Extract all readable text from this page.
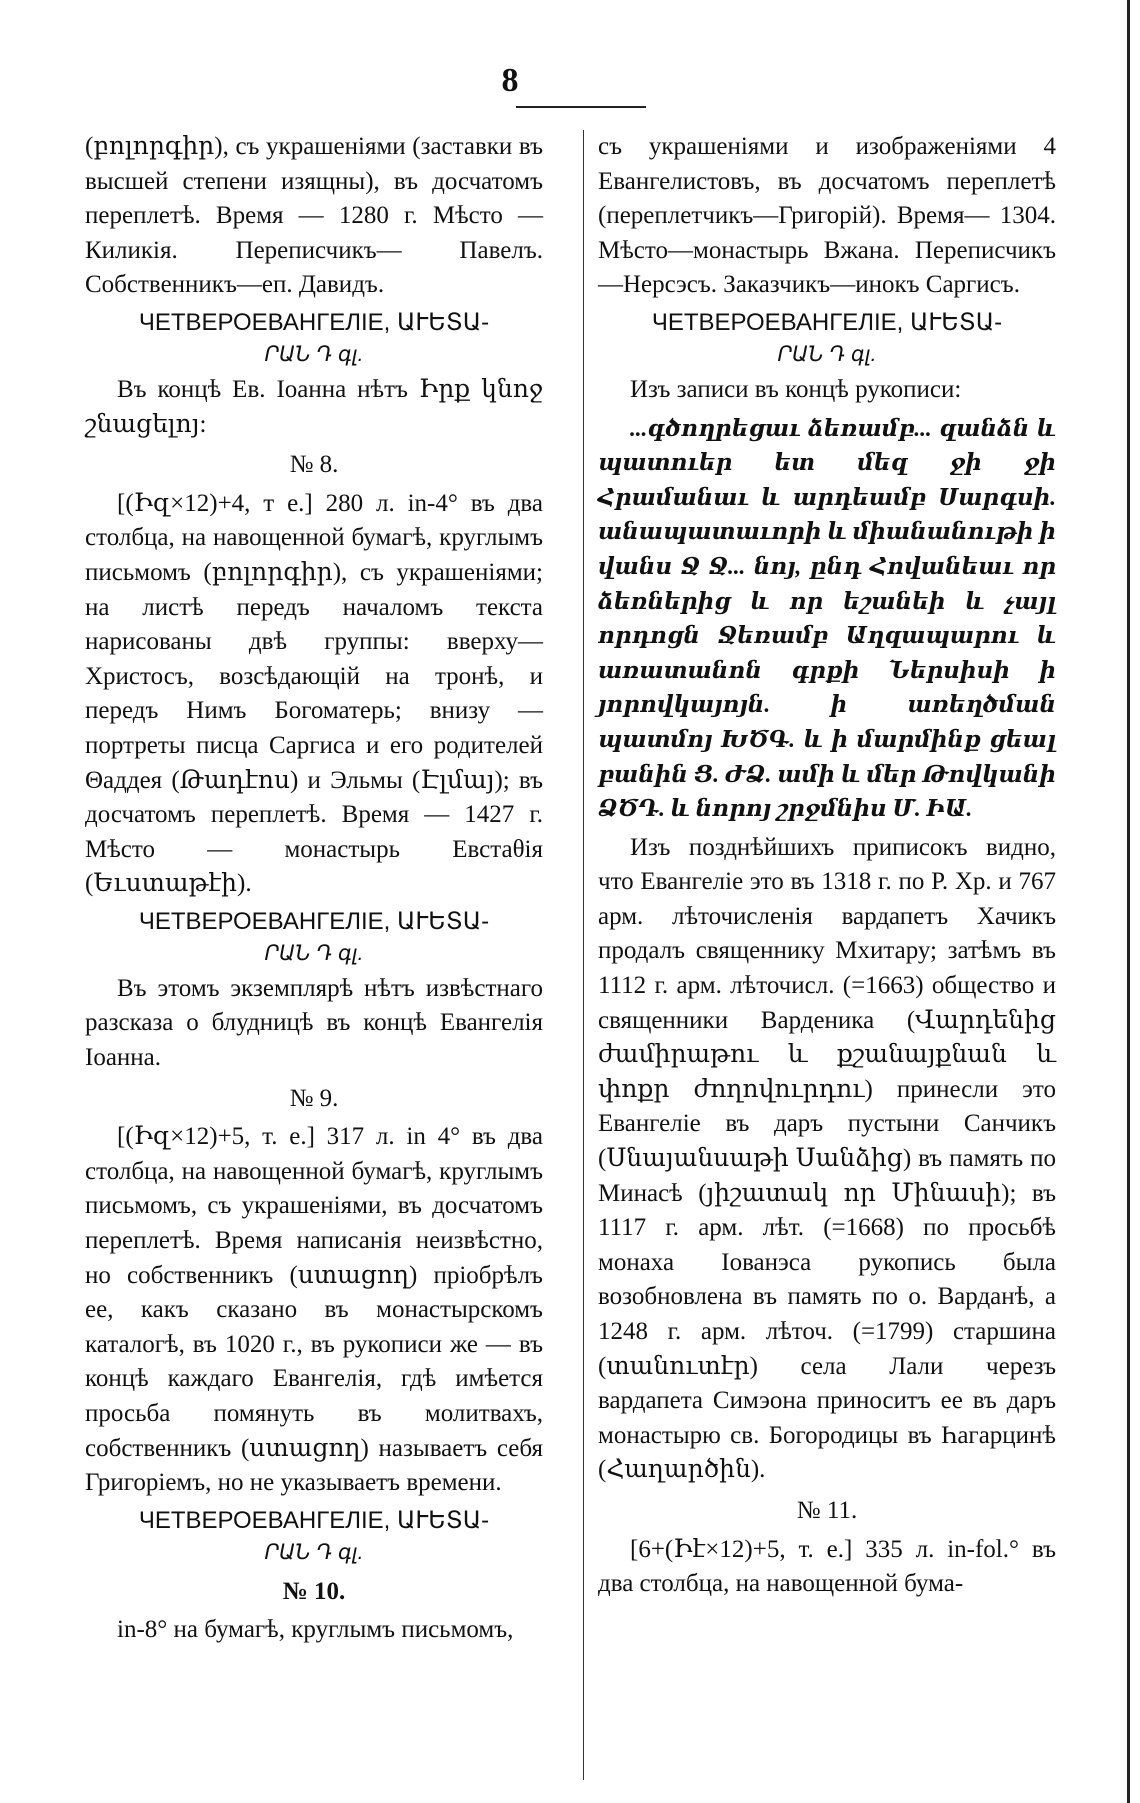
8

(բոլորգիր), съ украшеніями (заставки въ высшей степени изящны), въ досчатомъ переплетѣ. Время — 1280 г. Мѣсто — Киликія. Переписчикъ— Павелъ. Собственникъ—еп. Давидъ.

ЧЕТВЕРОЕВАНГЕЛІЕ, ԱՒԵՏԱ-
ՐԱՆ Դ գլ.

Въ концѣ Ев. Іоанна нѣтъ Իրք կնոջ շնացելոյ:

№ 8.

[(Իզ×12)+4, т е.] 280 л. in-4° въ два столбца, на навощенной бумагѣ, круглымъ письмомъ (բոլորգիր), съ украшеніями; на листѣ передъ началомъ текста нарисованы двѣ группы: вверху—Христосъ, возсѣдающій на тронѣ, и передъ Нимъ Богоматерь; внизу — портреты писца Саргиса и его родителей Θаддея (Թադէոս) и Эльмы (Էլմայ); въ досчатомъ переплетѣ. Время — 1427 г. Мѣсто — монастырь Евстаθія (Եւստաթէի).

ЧЕТВЕРОЕВАНГЕЛІЕ, ԱՒԵՏԱ-
ՐԱՆ Դ գլ.

Въ этомъ экземплярѣ нѣтъ извѣстнаго разсказа о блудницѣ въ концѣ Евангелія Іоанна.

№ 9.

[(Իզ×12)+5, т. е.] 317 л. in 4° въ два столбца, на навощенной бумагѣ, круглымъ письмомъ, съ украшеніями, въ досчатомъ переплетѣ. Время написанія неизвѣстно, но собственникъ (ստացող) пріобрѣлъ ее, какъ сказано въ монастырскомъ каталогѣ, въ 1020 г., въ рукописи же — въ концѣ каждаго Евангелія, гдѣ имѣется просьба помянуть въ молитвахъ, собственникъ (ստացող) называетъ себя Григоріемъ, но не указываетъ времени.

ЧЕТВЕРОЕВАНГЕЛІЕ, ԱՒԵՏԱ-
ՐԱՆ Դ գլ.
№ 10.

in-8° на бумагѣ, круглымъ письмомъ,

съ украшеніями и изображеніями 4 Евангелистовъ, въ досчатомъ переплетѣ (переплетчикъ—Григорій). Время— 1304. Мѣсто—монастырь Вжана. Переписчикъ—Нерсэсъ. Заказчикъ—инокъ Саргисъ.

ЧЕТВЕРОЕВАНГЕЛІЕ, ԱՒԵՏԱ-
ՐԱՆ Դ գլ.

Изъ записи въ концѣ рукописи:

...գծողրեցաւ ձեռամբ... զանձն և պատուեր ետ մեզ ջի ջի Հրամանաւ և արդեամբ Սարգսի. անապատաւորի և միանանութի ի վանս Ջ Ջ... նոյ, ընդ Հովանեաւ որ ձեռներից և որ եշանեի և չայլ որդոցն Ջեռամբ Աղզապարու և առատանոն գրքի Ներսիսի ի յորովկայոյն. ի առեղծման պատմոյ ԽԾԳ. և ի մարմինք ցեալ բանին Ց. ԺՁ. ամի և մեր Թովկանի ՁԾԴ. և նորոյ շրջմնիս Մ. ԻԱ.

Изъ позднѣйшихъ приписокъ видно, что Евангеліе это въ 1318 г. по Р. Хр. и 767 арм. лѣточисленія вардапетъ Хачикъ продалъ священнику Мхитару; затѣмъ въ 1112 г. арм. лѣточисл. (=1663) общество и священники Варденика (Վարդենից ժամիրաթու և քշանայքնան և փոքր ժողովուրդու) принесли это Евангеліе въ даръ пустыни Санчикъ (Սնայանսաթի Սանձից) въ память по Минасѣ (յիշատակ որ Մինասի); въ 1117 г. арм. лѣт. (=1668) по просьбѣ монаха Іованэса рукопись была возобновлена въ память по о. Варданѣ, а 1248 г. арм. лѣточ. (=1799) старшина (տանուտէր) села Лали черезъ вардапета Симэона приноситъ ее въ даръ монастырю св. Богородицы въ Һагарцинѣ (Հաղարծին).

№ 11.

[6+(Իէ×12)+5, т. е.] 335 л. in-fol.° въ два столбца, на навощенной бума-
